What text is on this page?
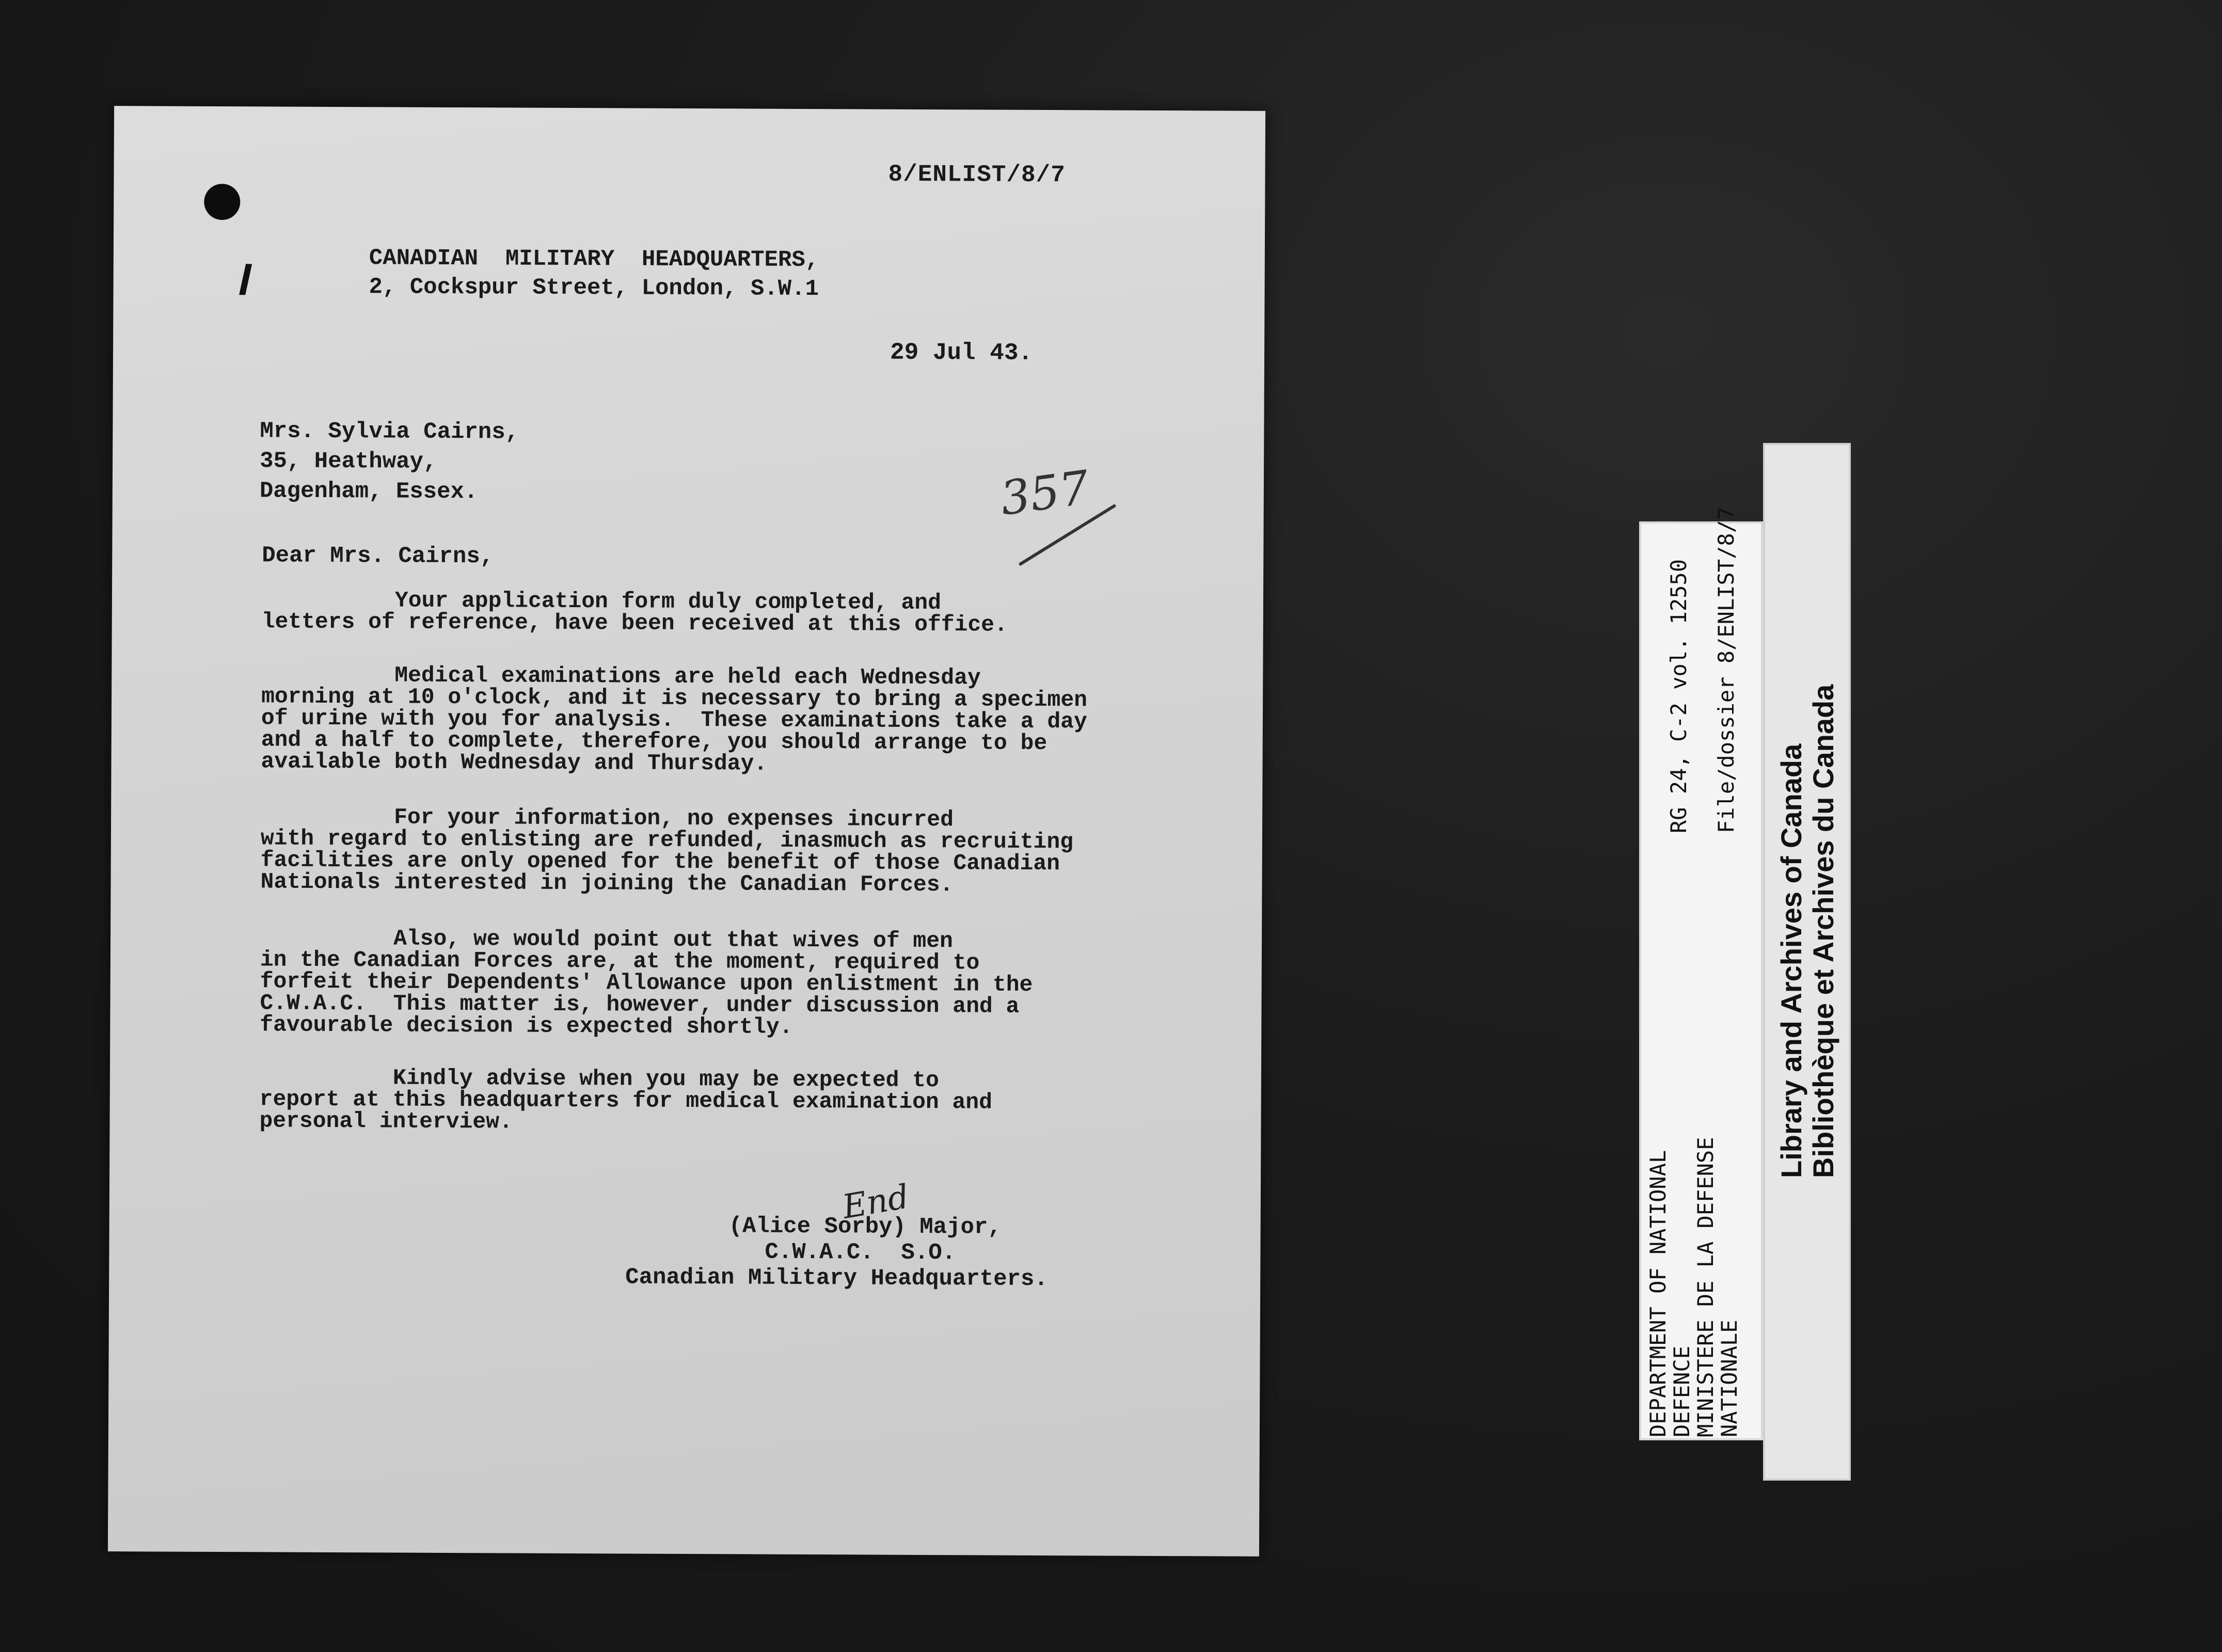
8/ENLIST/8/7
CANADIAN  MILITARY  HEADQUARTERS,
2, Cockspur Street, London, S.W.1
29 Jul 43.
Mrs. Sylvia Cairns,
35, Heathway,
Dagenham, Essex.	357
Dear Mrs. Cairns,
Your application form duly completed, and
letters of reference, have been received at this office.
Medical examinations are held each Wednesday
morning at 10 o'clock, and it is necessary to bring a specimen
of urine with you for analysis.  These examinations take a day
and a half to complete, therefore, you should arrange to be
available both Wednesday and Thursday.
For your information, no expenses incurred
with regard to enlisting are refunded, inasmuch as recruiting
facilities are only opened for the benefit of those Canadian
Nationals interested in joining the Canadian Forces.
Also, we would point out that wives of men
in the Canadian Forces are, at the moment, required to
forfeit their Dependents' Allowance upon enlistment in the
C.W.A.C.  This matter is, however, under discussion and a
favourable decision is expected shortly.
Kindly advise when you may be expected to
report at this headquarters for medical examination and
personal interview.
End
(Alice Sorby) Major,
C.W.A.C.  S.O.
Canadian Military Headquarters.	DEPARTMENT OF NATIONAL
DEFENCE
MINISTERE DE LA DEFENSE
NATIONALE
RG 24, C-2 vol. 12550 File/dossier 8/ENLIST/8/7
Library and Archives of Canada Bibliothèque et Archives du Canada
